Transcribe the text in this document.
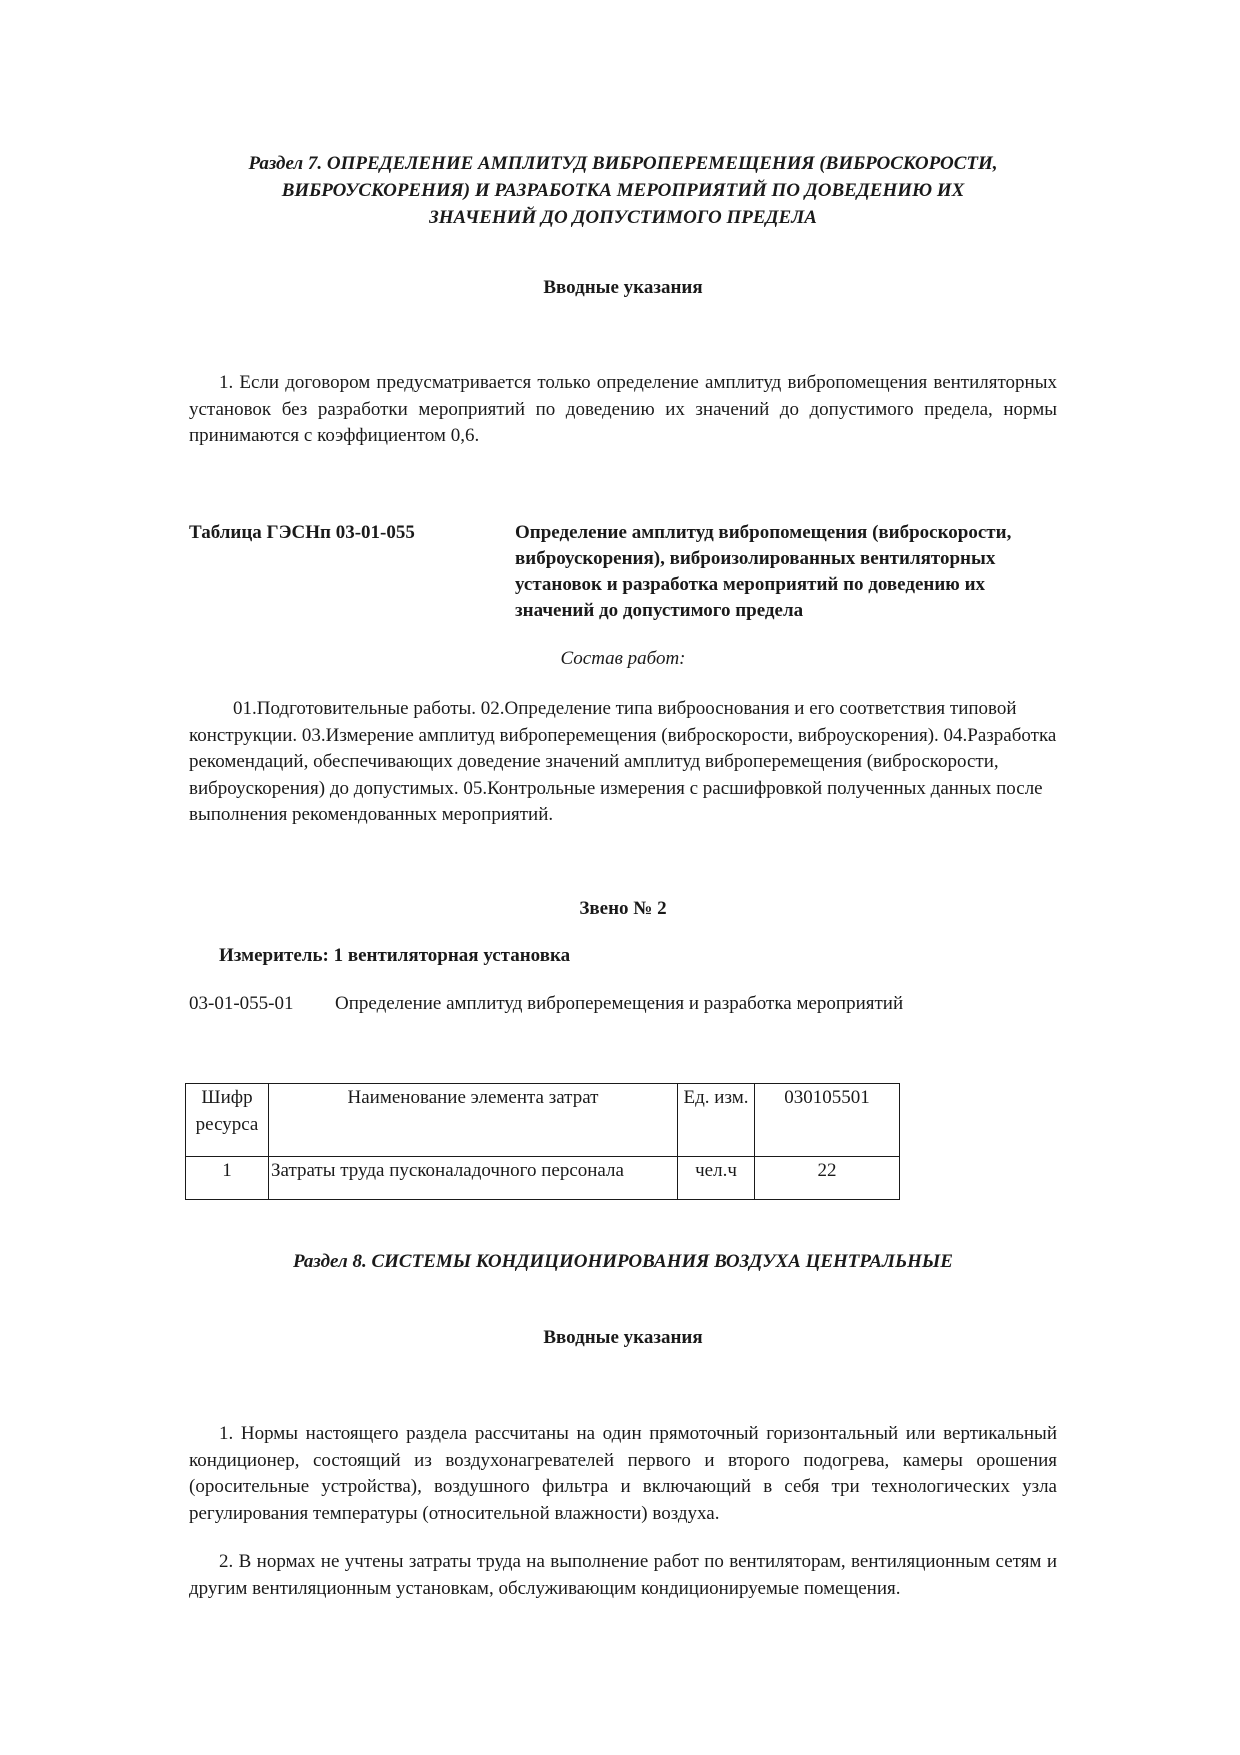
Раздел 7. ОПРЕДЕЛЕНИЕ АМПЛИТУД ВИБРОПЕРЕМЕЩЕНИЯ (ВИБРОСКОРОСТИ,
ВИБРОУСКОРЕНИЯ) И РАЗРАБОТКА МЕРОПРИЯТИЙ ПО ДОВЕДЕНИЮ ИХ
ЗНАЧЕНИЙ ДО ДОПУСТИМОГО ПРЕДЕЛА
Вводные указания

1. Если договором предусматривается только определение амплитуд вибропомещения вентиляторных установок без разработки мероприятий по доведению их значений до допустимого предела, нормы принимаются с коэффициентом 0,6.

Таблица ГЭСНп 03-01-055	Определение амплитуд вибропомещения (виброскорости, виброускорения), виброизолированных вентиляторных установок и разработка мероприятий по доведению их значений до допустимого предела

Состав работ:

01.Подготовительные работы. 02.Определение типа виброоснования и его соответствия типовой конструкции. 03.Измерение амплитуд виброперемещения (виброскорости, виброускорения). 04.Разработка рекомендаций, обеспечивающих доведение значений амплитуд виброперемещения (виброскорости, виброускорения) до допустимых. 05.Контрольные измерения с расшифровкой полученных данных после выполнения рекомендованных мероприятий.

Звено № 2

Измеритель: 1 вентиляторная установка

03-01-055-01 Определение амплитуд виброперемещения и разработка мероприятий

Шифр ресурса	Наименование элемента затрат	Ед. изм.	030105501
1	Затраты труда пусконаладочного персонала	чел.ч	22
Раздел 8. СИСТЕМЫ КОНДИЦИОНИРОВАНИЯ ВОЗДУХА ЦЕНТРАЛЬНЫЕ
Вводные указания

1. Нормы настоящего раздела рассчитаны на один прямоточный горизонтальный или вертикальный кондиционер, состоящий из воздухонагревателей первого и второго подогрева, камеры орошения (оросительные устройства), воздушного фильтра и включающий в себя три технологических узла регулирования температуры (относительной влажности) воздуха.

2. В нормах не учтены затраты труда на выполнение работ по вентиляторам, вентиляционным сетям и другим вентиляционным установкам, обслуживающим кондиционируемые помещения.
